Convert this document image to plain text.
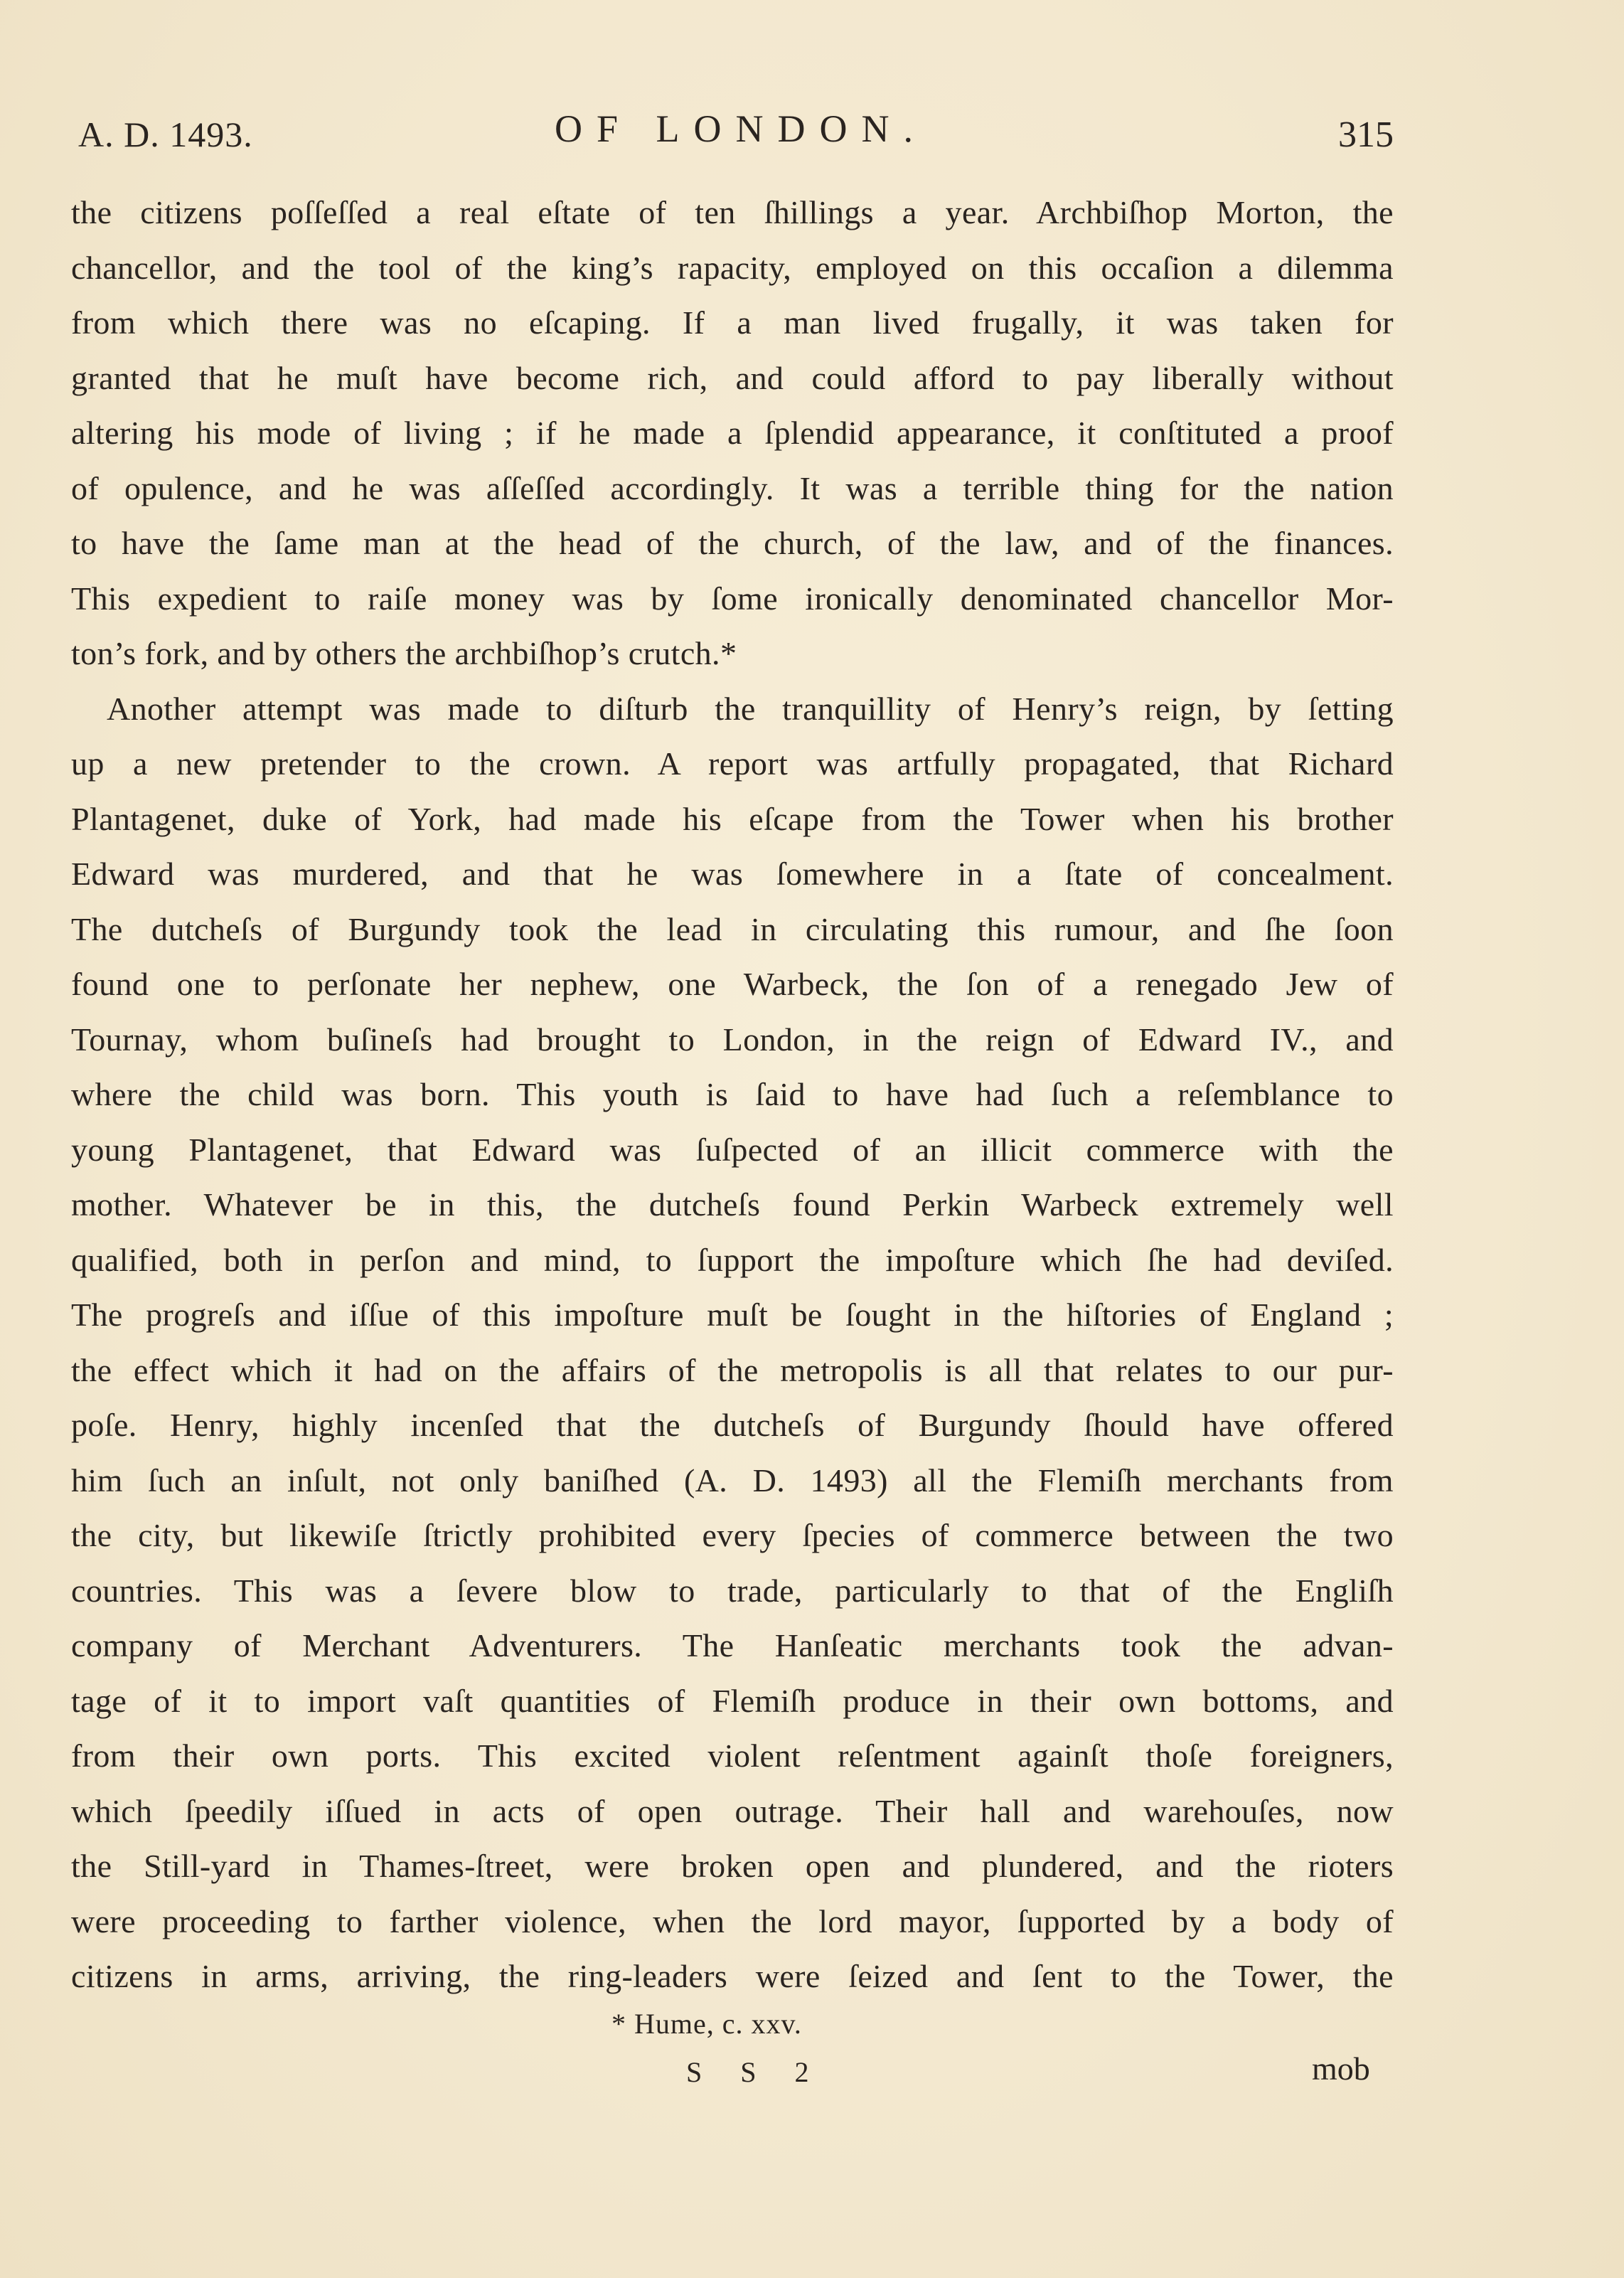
A. D. 1493.	OF LONDON.	315
the citizens poſſeſſed a real eſtate of ten ſhillings a year. Archbiſhop Morton, the
chancellor, and the tool of the king’s rapacity, employed on this occaſion a dilemma
from which there was no eſcaping. If a man lived frugally, it was taken for
granted that he muſt have become rich, and could afford to pay liberally without
altering his mode of living ; if he made a ſplendid appearance, it conſtituted a proof
of opulence, and he was aſſeſſed accordingly. It was a terrible thing for the nation
to have the ſame man at the head of the church, of the law, and of the finances.
This expedient to raiſe money was by ſome ironically denominated chancellor Mor-
ton’s fork, and by others the archbiſhop’s crutch.*
Another attempt was made to diſturb the tranquillity of Henry’s reign, by ſetting
up a new pretender to the crown. A report was artfully propagated, that Richard
Plantagenet, duke of York, had made his eſcape from the Tower when his brother
Edward was murdered, and that he was ſomewhere in a ſtate of concealment.
The dutcheſs of Burgundy took the lead in circulating this rumour, and ſhe ſoon
found one to perſonate her nephew, one Warbeck, the ſon of a renegado Jew of
Tournay, whom buſineſs had brought to London, in the reign of Edward IV., and
where the child was born. This youth is ſaid to have had ſuch a reſemblance to
young Plantagenet, that Edward was ſuſpected of an illicit commerce with the
mother. Whatever be in this, the dutcheſs found Perkin Warbeck extremely well
qualified, both in perſon and mind, to ſupport the impoſture which ſhe had deviſed.
The progreſs and iſſue of this impoſture muſt be ſought in the hiſtories of England ;
the effect which it had on the affairs of the metropolis is all that relates to our pur-
poſe. Henry, highly incenſed that the dutcheſs of Burgundy ſhould have offered
him ſuch an inſult, not only baniſhed (A. D. 1493) all the Flemiſh merchants from
the city, but likewiſe ſtrictly prohibited every ſpecies of commerce between the two
countries. This was a ſevere blow to trade, particularly to that of the Engliſh
company of Merchant Adventurers. The Hanſeatic merchants took the advan-
tage of it to import vaſt quantities of Flemiſh produce in their own bottoms, and
from their own ports. This excited violent reſentment againſt thoſe foreigners,
which ſpeedily iſſued in acts of open outrage. Their hall and warehouſes, now
the Still-yard in Thames-ſtreet, were broken open and plundered, and the rioters
were proceeding to farther violence, when the lord mayor, ſupported by a body of
citizens in arms, arriving, the ring-leaders were ſeized and ſent to the Tower, the
* Hume, c. xxv.
S S 2	mob
